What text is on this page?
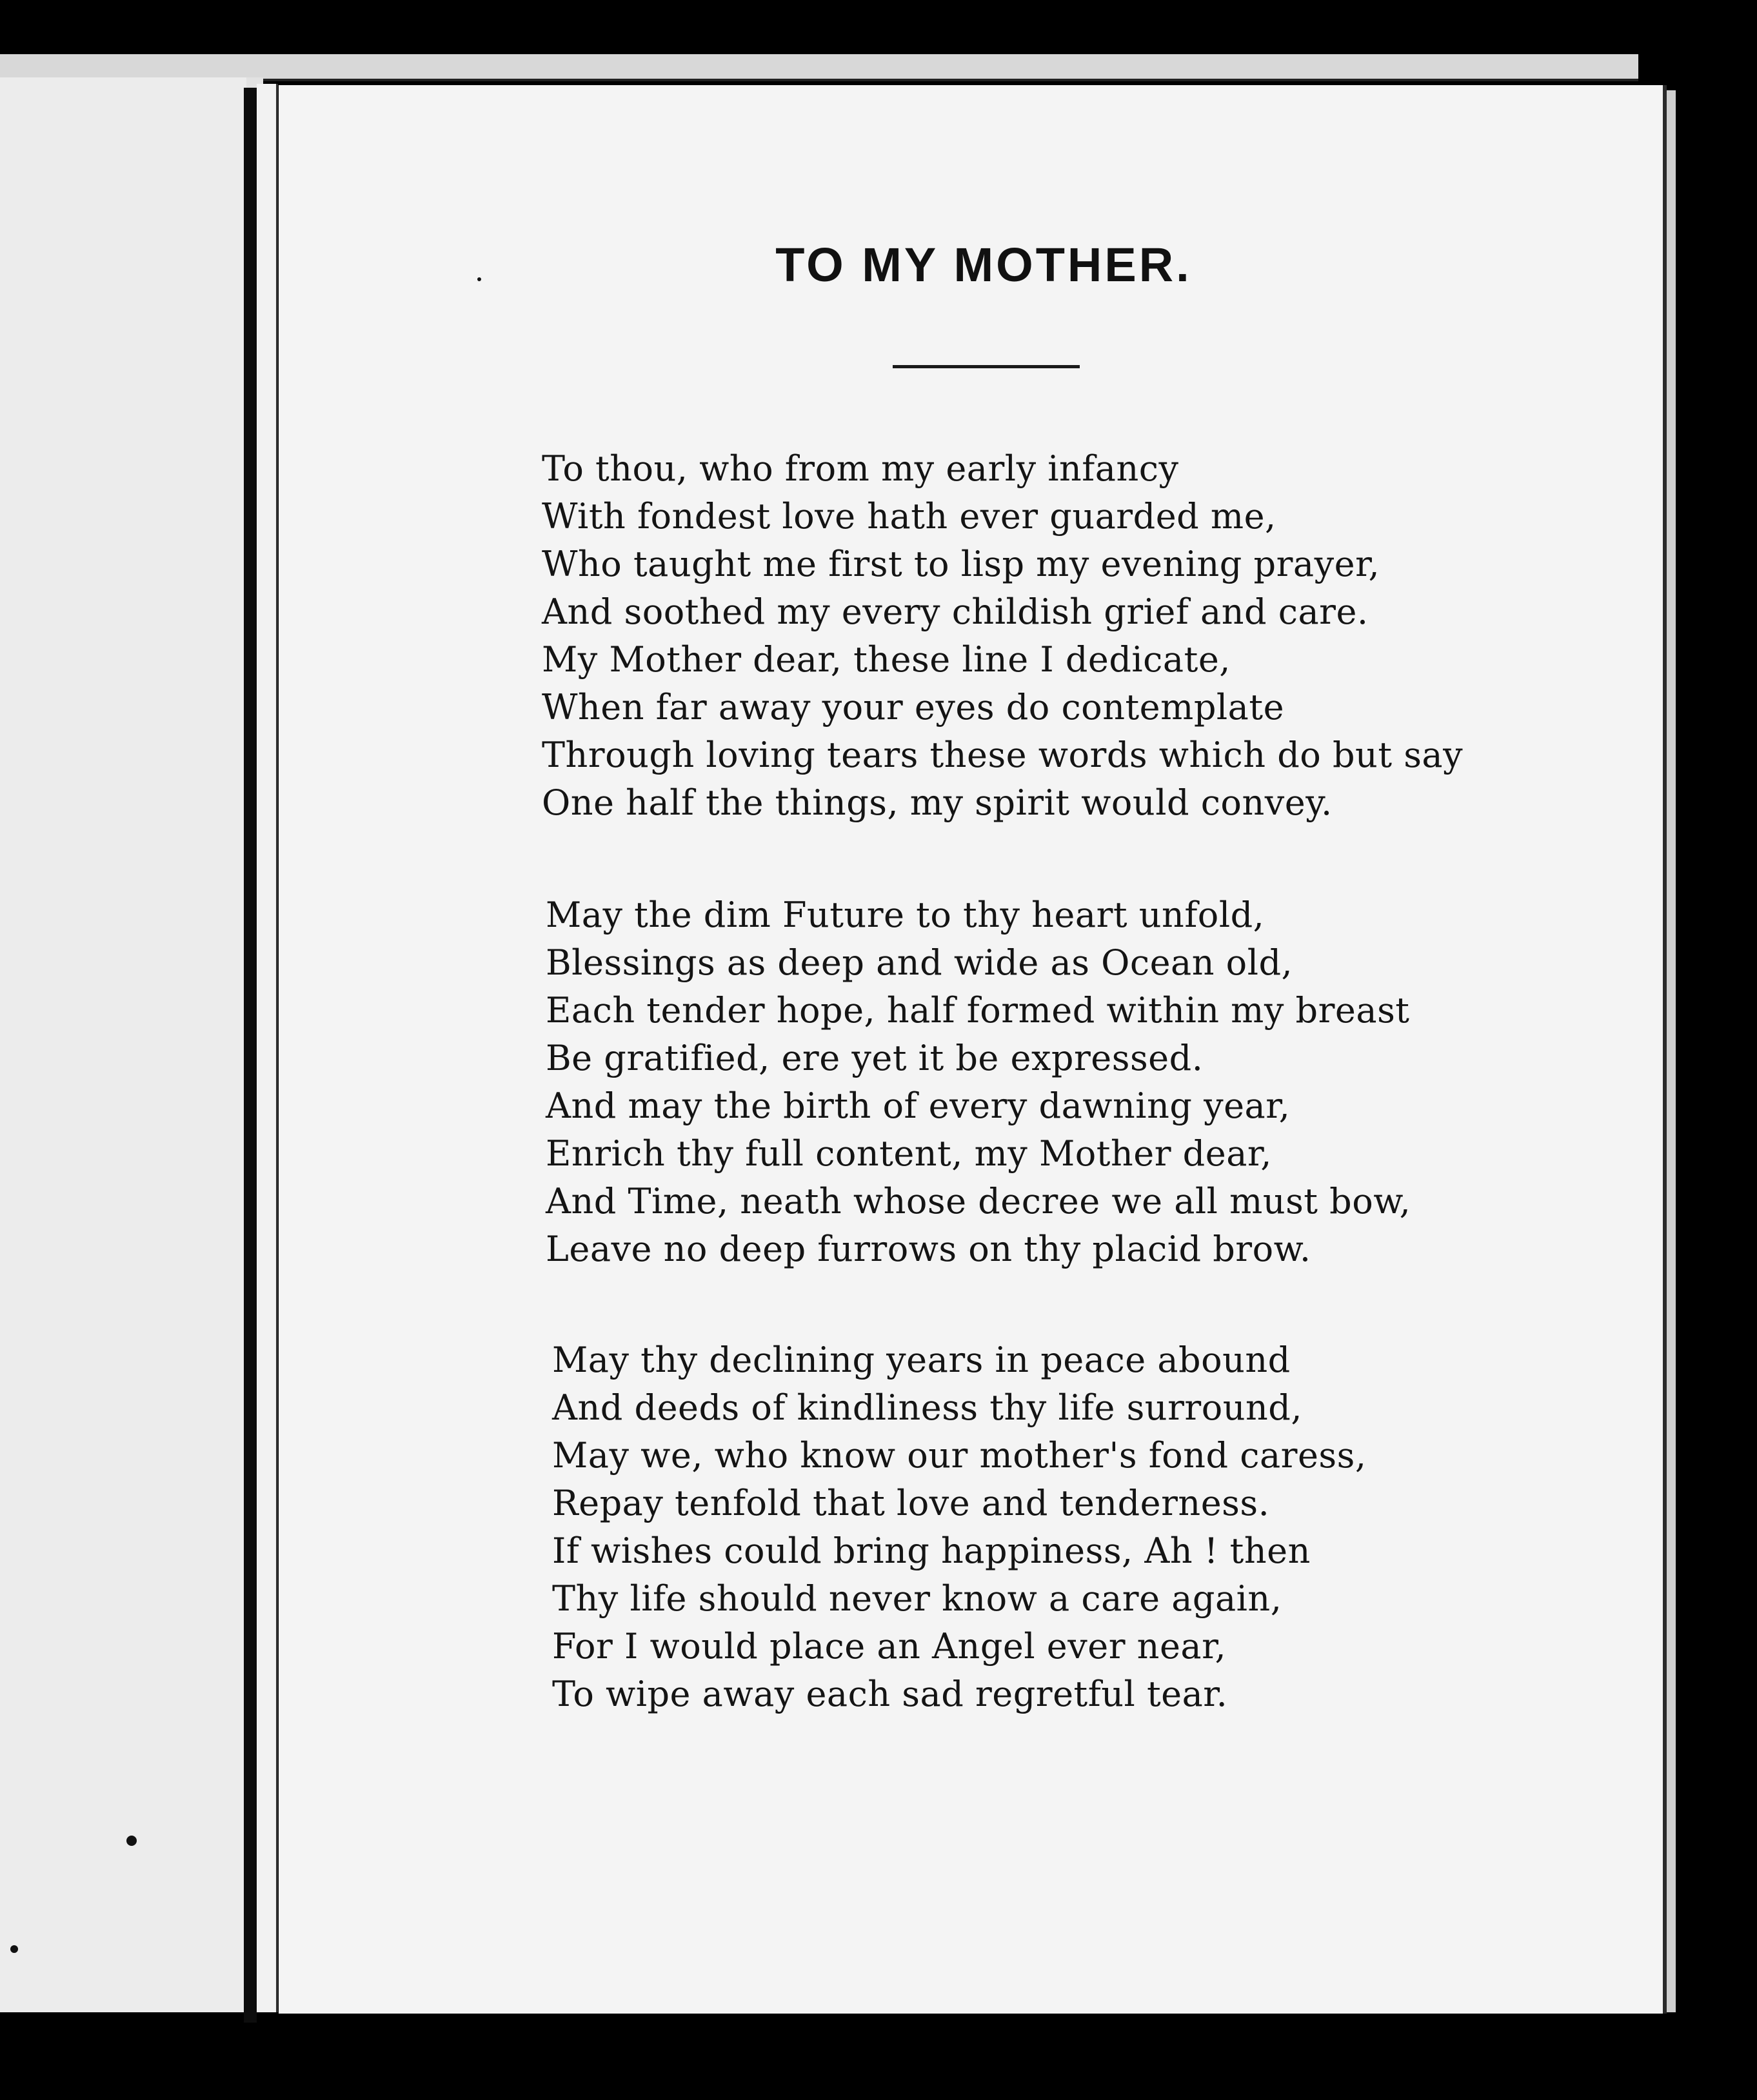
TO MY MOTHER.
To thou, who from my early infancy
With fondest love hath ever guarded me,
Who taught me first to lisp my evening prayer,
And soothed my every childish grief and care.
My Mother dear, these line I dedicate,
When far away your eyes do contemplate
Through loving tears these words which do but say
One half the things, my spirit would convey.
May the dim Future to thy heart unfold,
Blessings as deep and wide as Ocean old,
Each tender hope, half formed within my breast
Be gratified, ere yet it be expressed.
And may the birth of every dawning year,
Enrich thy full content, my Mother dear,
And Time, neath whose decree we all must bow,
Leave no deep furrows on thy placid brow.
May thy declining years in peace abound
And deeds of kindliness thy life surround,
May we, who know our mother's fond caress,
Repay tenfold that love and tenderness.
If wishes could bring happiness, Ah ! then
Thy life should never know a care again,
For I would place an Angel ever near,
To wipe away each sad regretful tear.
